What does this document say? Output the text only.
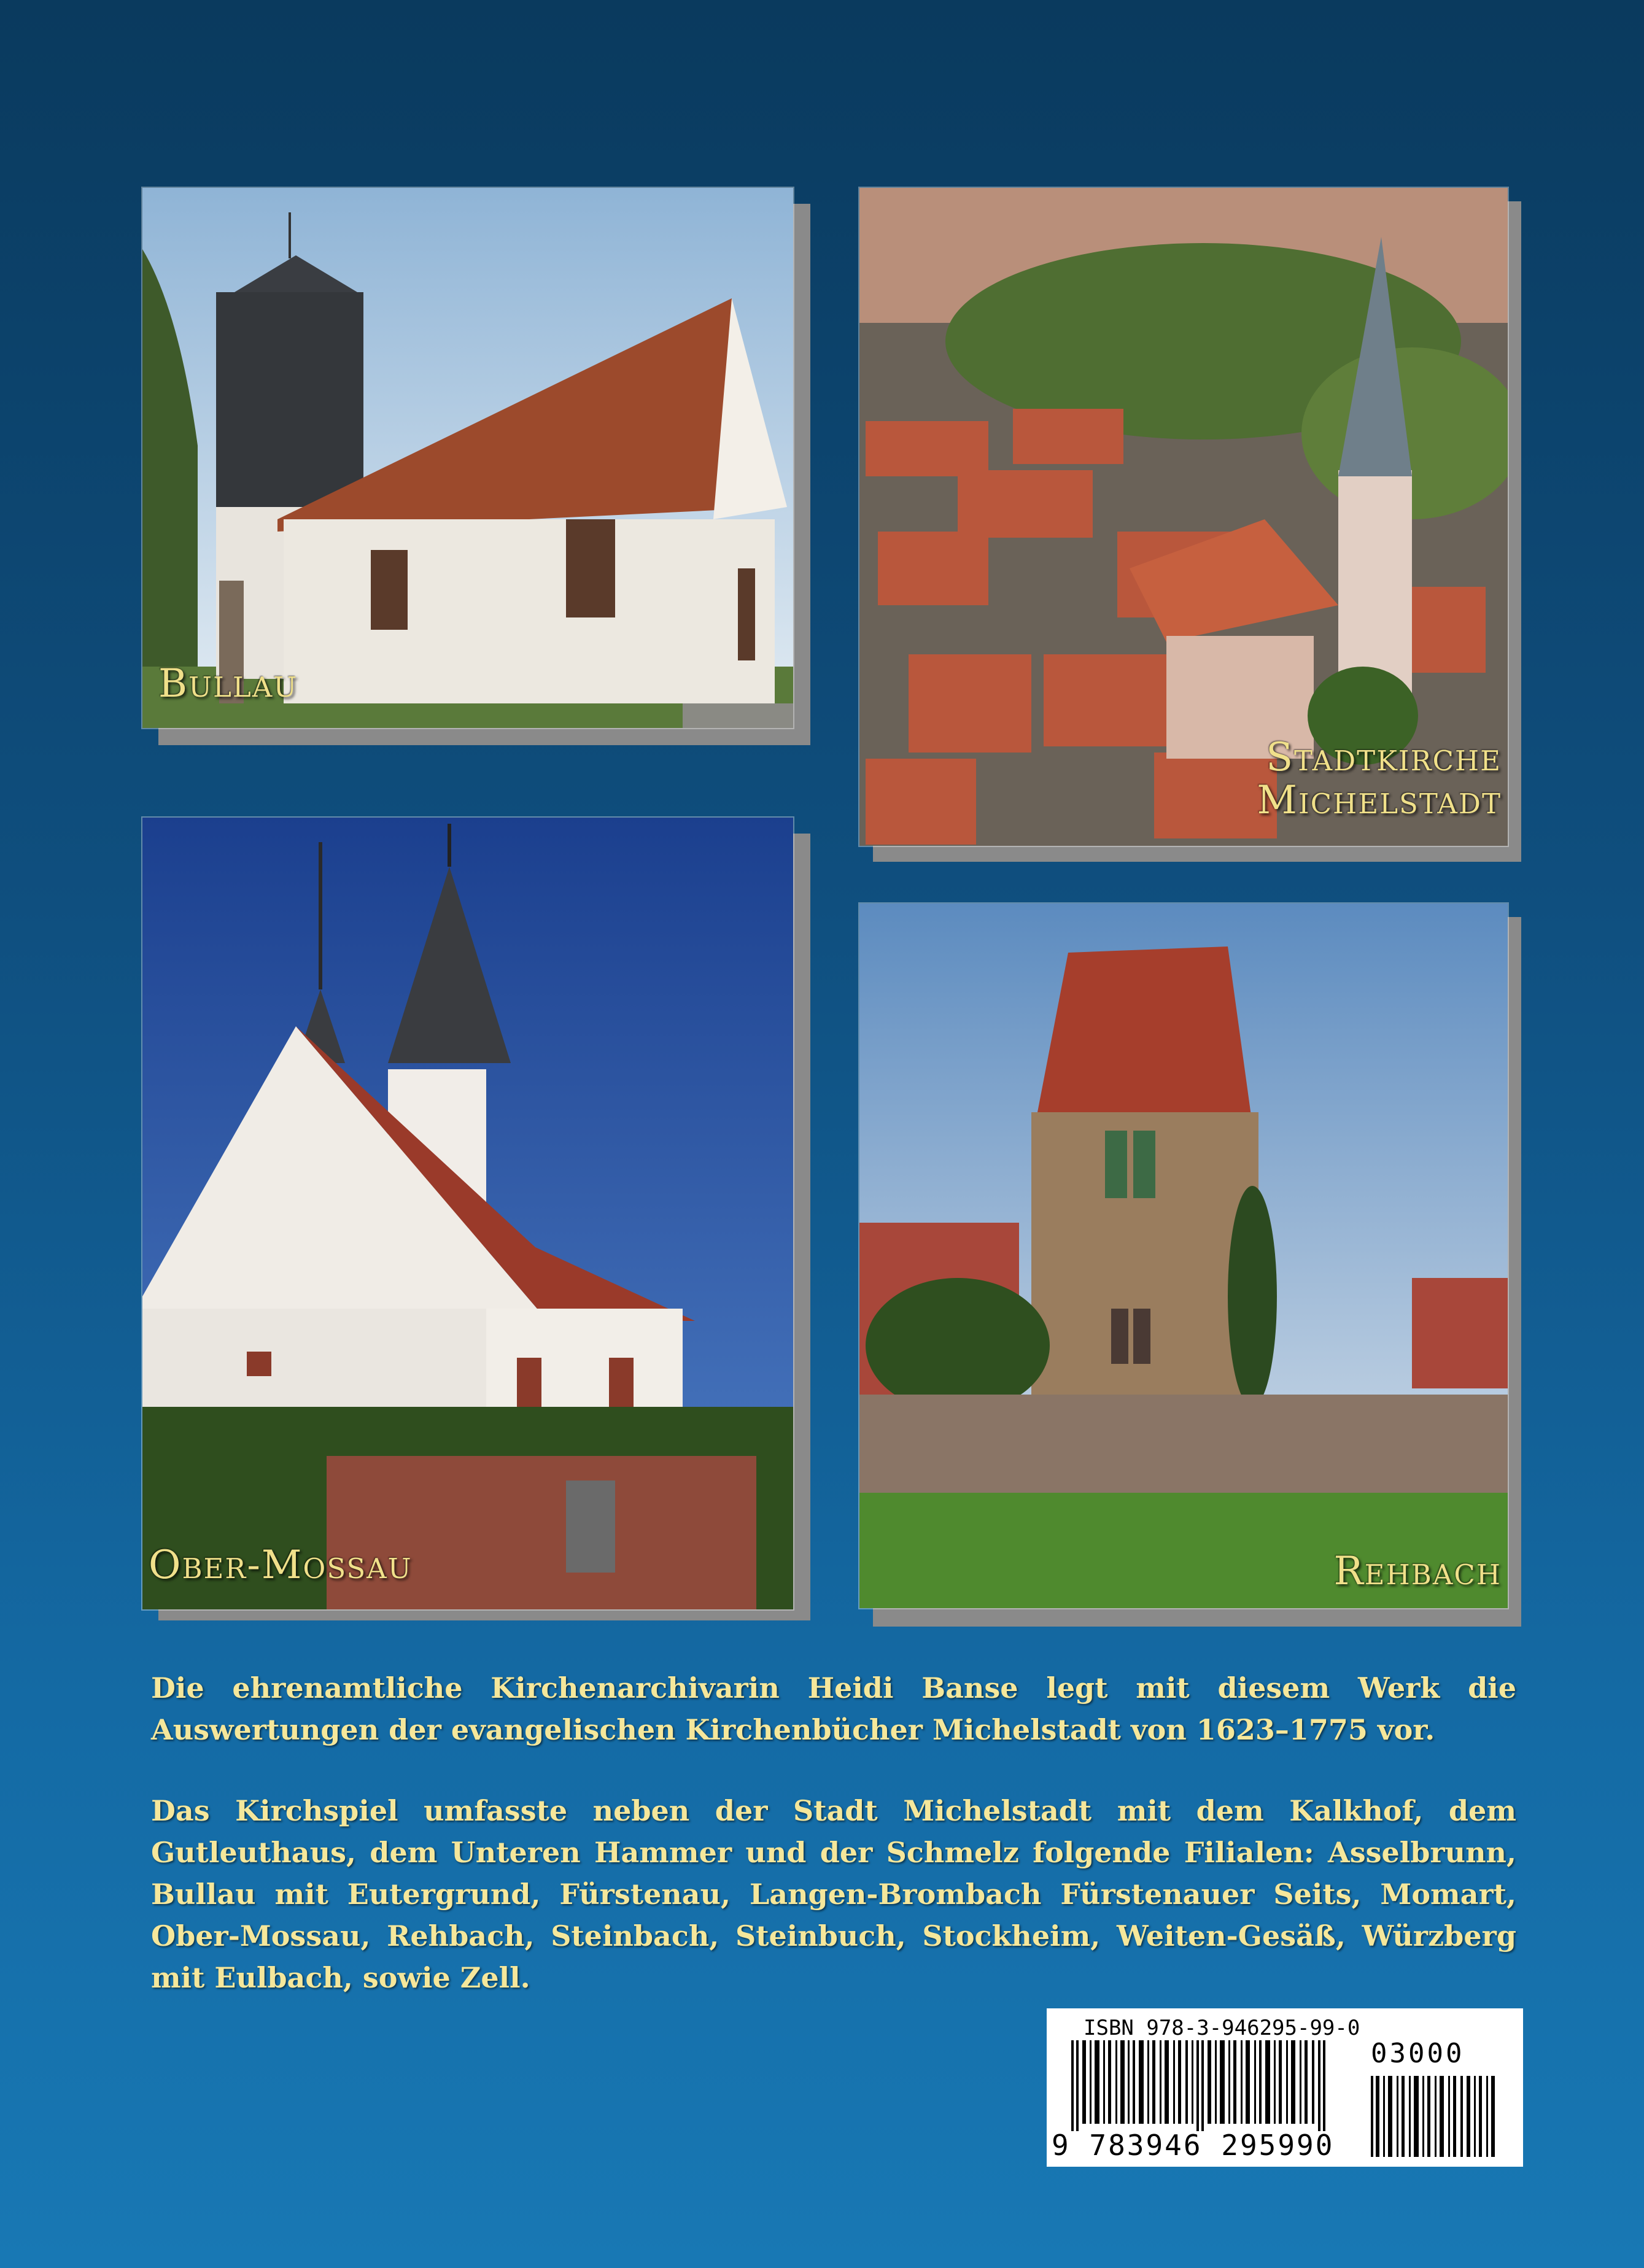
Bullau
Stadtkirche
Michelstadt
Ober-Mossau	Rehbach
Die ehrenamtliche Kirchenarchivarin Heidi Banse legt mit diesem Werk die Auswertungen der evangelischen Kirchenbücher Michelstadt von 1623–1775 vor.
Das Kirchspiel umfasste neben der Stadt Michelstadt mit dem Kalkhof, dem Gutleuthaus, dem Unteren Hammer und der Schmelz folgende Filialen: Asselbrunn, Bullau mit Eutergrund, Fürstenau, Langen-Brombach Fürstenauer Seits, Momart, Ober-Mossau, Rehbach, Steinbach, Steinbuch, Stockheim, Weiten-Gesäß, Würzberg mit Eulbach, sowie Zell.
ISBN 978-3-946295-99-0
03000
9 783946 295990
